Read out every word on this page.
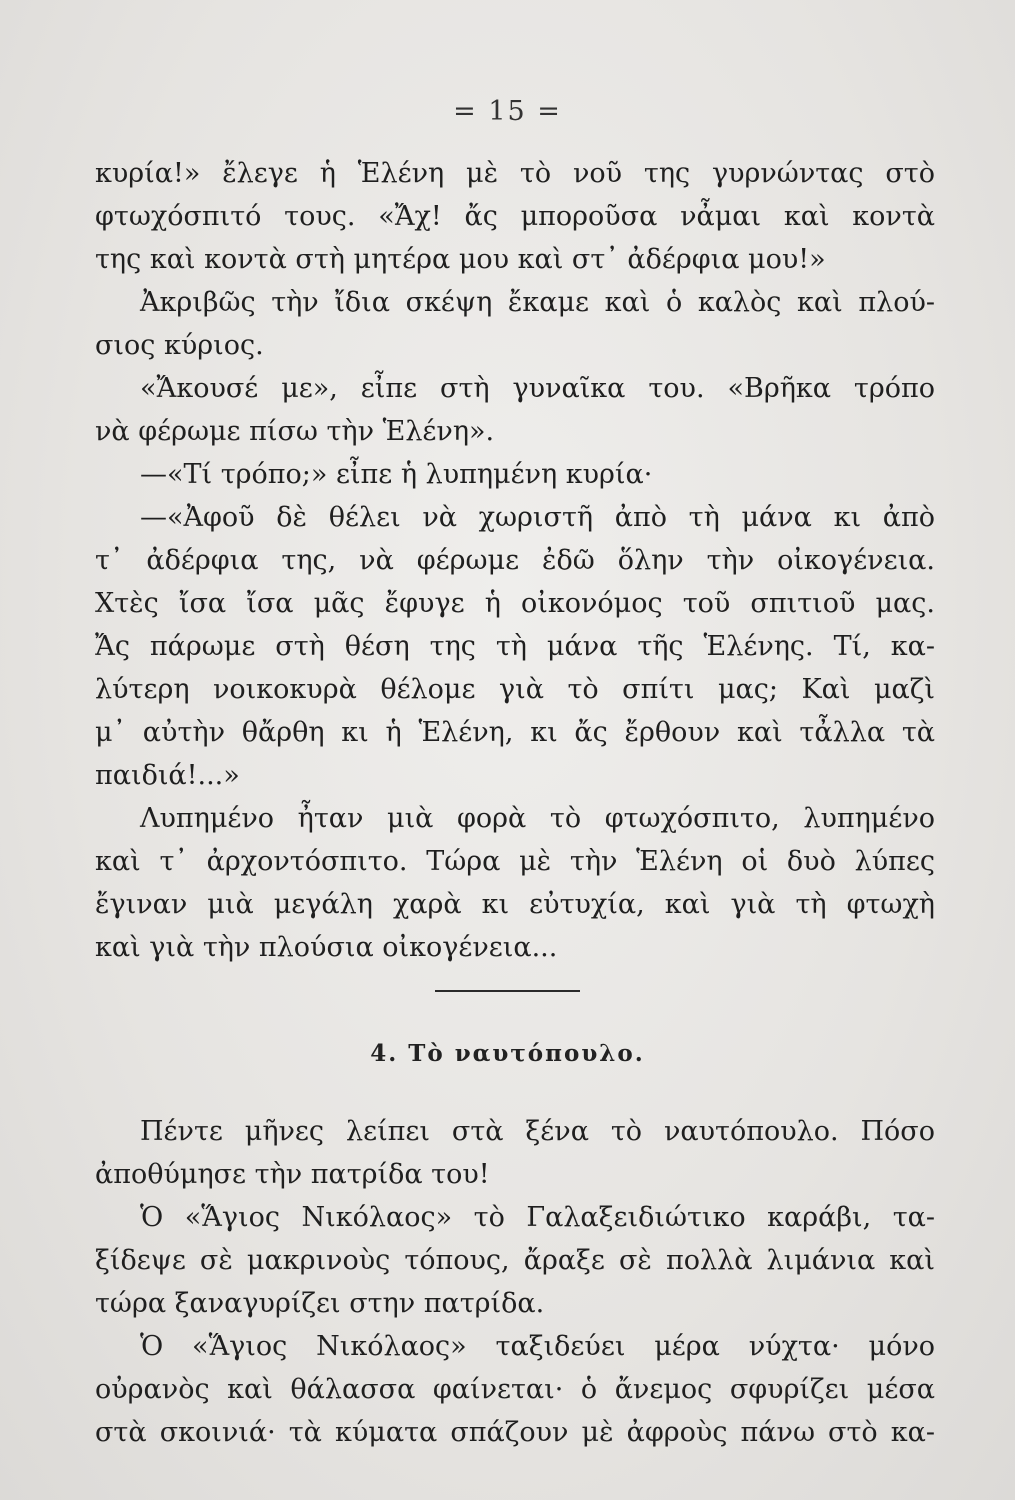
= 15 =
κυρία!» ἔλεγε ἡ Ἑλένη μὲ τὸ νοῦ της γυρνώντας στὸ
φτωχόσπιτό τους. «Ἄχ! ἄς μποροῦσα νἆμαι καὶ κοντὰ
της καὶ κοντὰ στὴ μητέρα μου καὶ στ᾽ ἀδέρφια μου!»
Ἀκριβῶς τὴν ἴδια σκέψη ἔκαμε καὶ ὁ καλὸς καὶ πλού-
σιος κύριος.
«Ἄκουσέ με», εἶπε στὴ γυναῖκα του. «Βρῆκα τρόπο
νὰ φέρωμε πίσω τὴν Ἑλένη».
—«Τί τρόπο;» εἶπε ἡ λυπημένη κυρία·
—«Ἀφοῦ δὲ θέλει νὰ χωριστῆ ἀπὸ τὴ μάνα κι ἀπὸ
τ᾽ ἀδέρφια της, νὰ φέρωμε ἐδῶ ὅλην τὴν οἰκογένεια.
Χτὲς ἴσα ἴσα μᾶς ἔφυγε ἡ οἰκονόμος τοῦ σπιτιοῦ μας.
Ἄς πάρωμε στὴ θέση της τὴ μάνα τῆς Ἑλένης. Τί, κα-
λύτερη νοικοκυρὰ θέλομε γιὰ τὸ σπίτι μας; Καὶ μαζὶ
μ᾽ αὐτὴν θἄρθη κι ἡ Ἑλένη, κι ἄς ἔρθουν καὶ τἆλλα τὰ
παιδιά!...»
Λυπημένο ἦταν μιὰ φορὰ τὸ φτωχόσπιτο, λυπημένο
καὶ τ᾽ ἀρχοντόσπιτο. Τώρα μὲ τὴν Ἑλένη οἱ δυὸ λύπες
ἔγιναν μιὰ μεγάλη χαρὰ κι εὐτυχία, καὶ γιὰ τὴ φτωχὴ
καὶ γιὰ τὴν πλούσια οἰκογένεια...
4. Τὸ ναυτόπουλο.
Πέντε μῆνες λείπει στὰ ξένα τὸ ναυτόπουλο. Πόσο
ἀποθύμησε τὴν πατρίδα του!
Ὁ «Ἅγιος Νικόλαος» τὸ Γαλαξειδιώτικο καράβι, τα-
ξίδεψε σὲ μακρινοὺς τόπους, ἄραξε σὲ πολλὰ λιμάνια καὶ
τώρα ξαναγυρίζει στην πατρίδα.
Ὁ «Ἅγιος Νικόλαος» ταξιδεύει μέρα νύχτα· μόνο
οὐρανὸς καὶ θάλασσα φαίνεται· ὁ ἄνεμος σφυρίζει μέσα
στὰ σκοινιά· τὰ κύματα σπάζουν μὲ ἀφροὺς πάνω στὸ κα-
